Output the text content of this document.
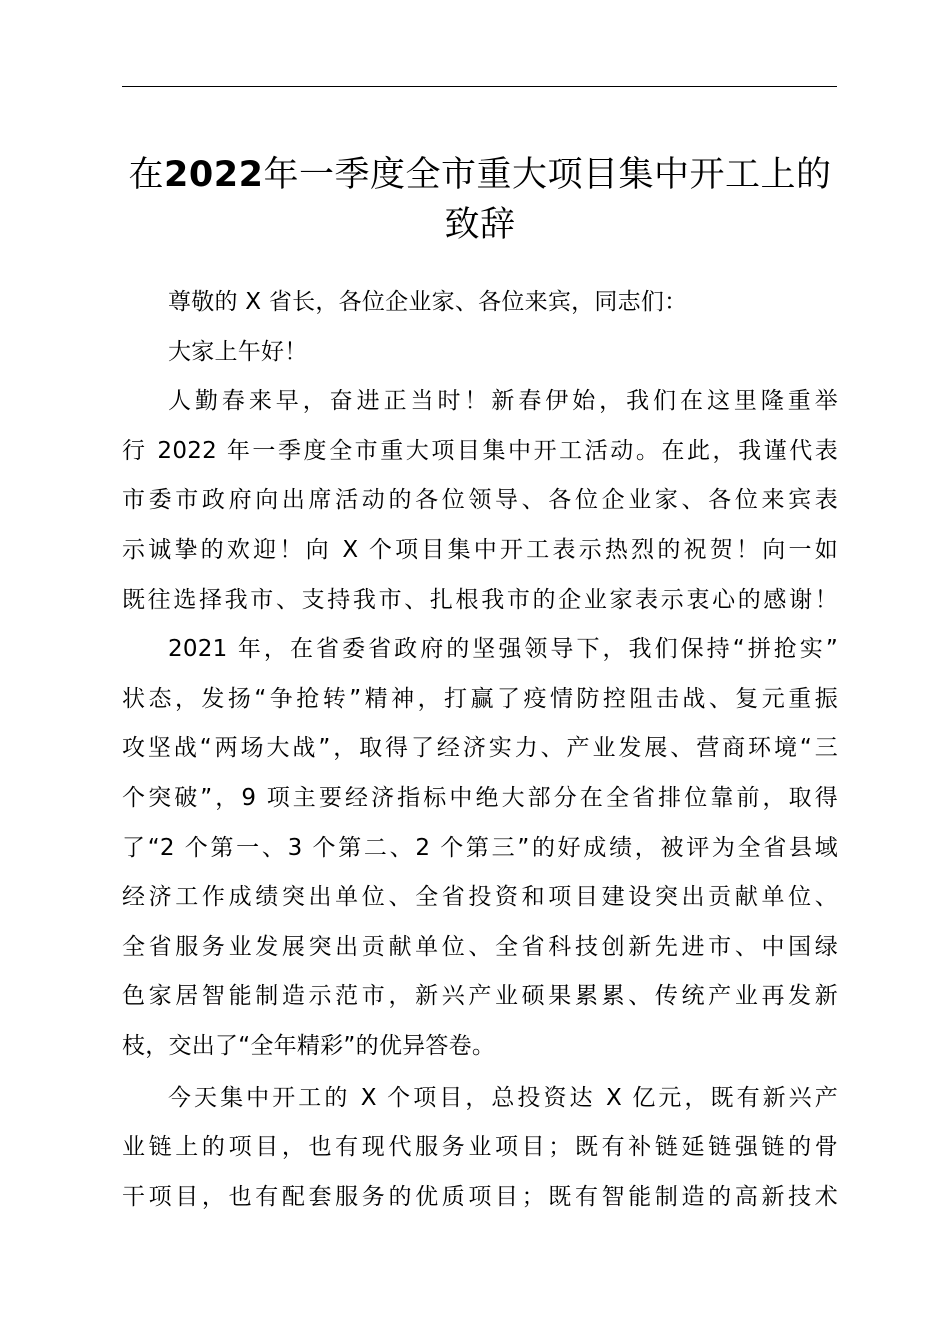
在2022年一季度全市重大项目集中开工上的
致辞

尊敬的 X 省长，各位企业家、各位来宾，同志们：

大家上午好！

人勤春来早，奋进正当时！新春伊始，我们在这里隆重举
行 2022 年一季度全市重大项目集中开工活动。在此，我谨代表
市委市政府向出席活动的各位领导、各位企业家、各位来宾表
示诚挚的欢迎！向 X 个项目集中开工表示热烈的祝贺！向一如
既往选择我市、支持我市、扎根我市的企业家表示衷心的感谢！
2021 年，在省委省政府的坚强领导下，我们保持“拼抢实”
状态，发扬“争抢转”精神，打赢了疫情防控阻击战、复元重振
攻坚战“两场大战”，取得了经济实力、产业发展、营商环境“三
个突破”，9 项主要经济指标中绝大部分在全省排位靠前，取得
了“2 个第一、3 个第二、2 个第三”的好成绩，被评为全省县域
经济工作成绩突出单位、全省投资和项目建设突出贡献单位、
全省服务业发展突出贡献单位、全省科技创新先进市、中国绿
色家居智能制造示范市，新兴产业硕果累累、传统产业再发新
枝，交出了“全年精彩”的优异答卷。
今天集中开工的 X 个项目，总投资达 X 亿元，既有新兴产
业链上的项目，也有现代服务业项目；既有补链延链强链的骨
干项目，也有配套服务的优质项目；既有智能制造的高新技术
